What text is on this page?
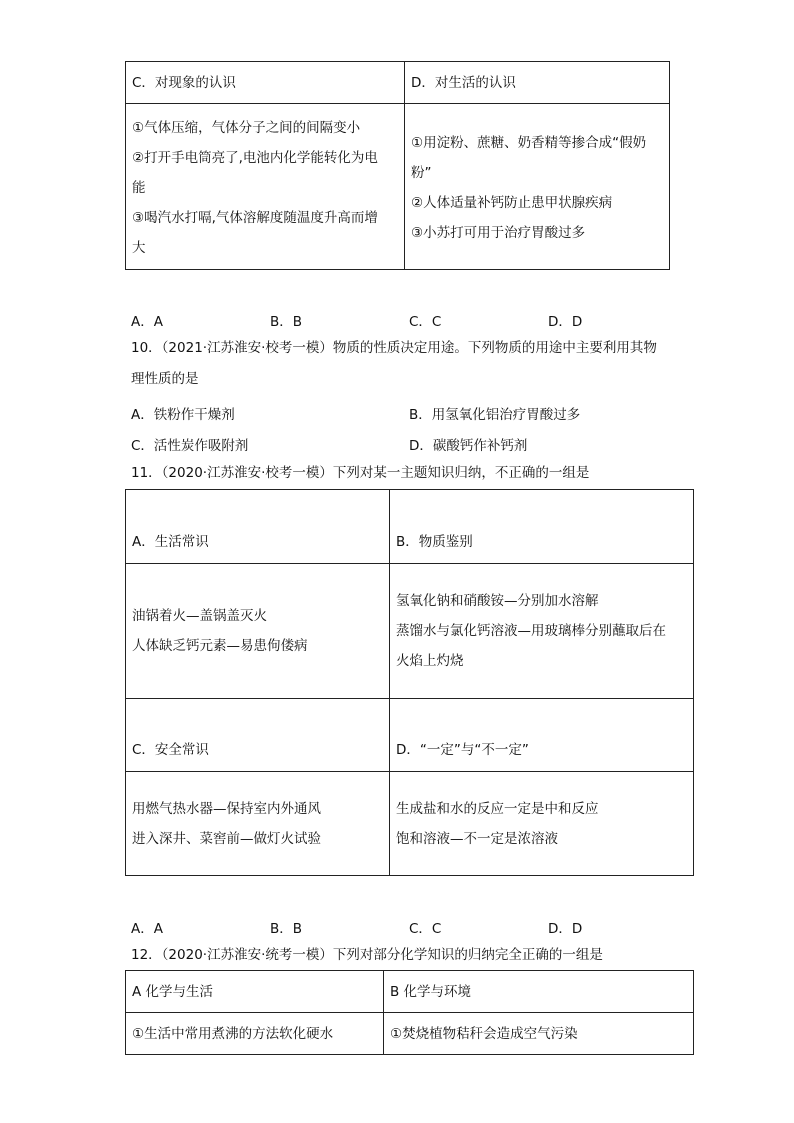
C．对现象的认识	D．对生活的认识

①气体压缩，气体分子之间的间隔变小
②打开手电筒亮了,电池内化学能转化为电
能
③喝汽水打嗝,气体溶解度随温度升高而增
大	①用淀粉、蔗糖、奶香精等掺合成“假奶
粉”
②人体适量补钙防止患甲状腺疾病
③小苏打可用于治疗胃酸过多
A．A	B．B	C．C	D．D
10．（2021·江苏淮安·校考一模）物质的性质决定用途。下列物质的用途中主要利用其物
理性质的是
A．铁粉作干燥剂	B．用氢氧化铝治疗胃酸过多
C．活性炭作吸附剂	D．碳酸钙作补钙剂
11．（2020·江苏淮安·校考一模）下列对某一主题知识归纳，不正确的一组是
A．生活常识	B．物质鉴别

油锅着火—盖锅盖灭火
人体缺乏钙元素—易患佝偻病	氢氧化钠和硝酸铵—分别加水溶解
蒸馏水与氯化钙溶液—用玻璃棒分别蘸取后在
火焰上灼烧

C．安全常识	D．“一定”与“不一定”

用燃气热水器—保持室内外通风
进入深井、菜窖前—做灯火试验	生成盐和水的反应一定是中和反应
饱和溶液—不一定是浓溶液
A．A	B．B	C．C	D．D
12．（2020·江苏淮安·统考一模）下列对部分化学知识的归纳完全正确的一组是
A 化学与生活	B 化学与环境

①生活中常用煮沸的方法软化硬水	①焚烧植物秸秆会造成空气污染
